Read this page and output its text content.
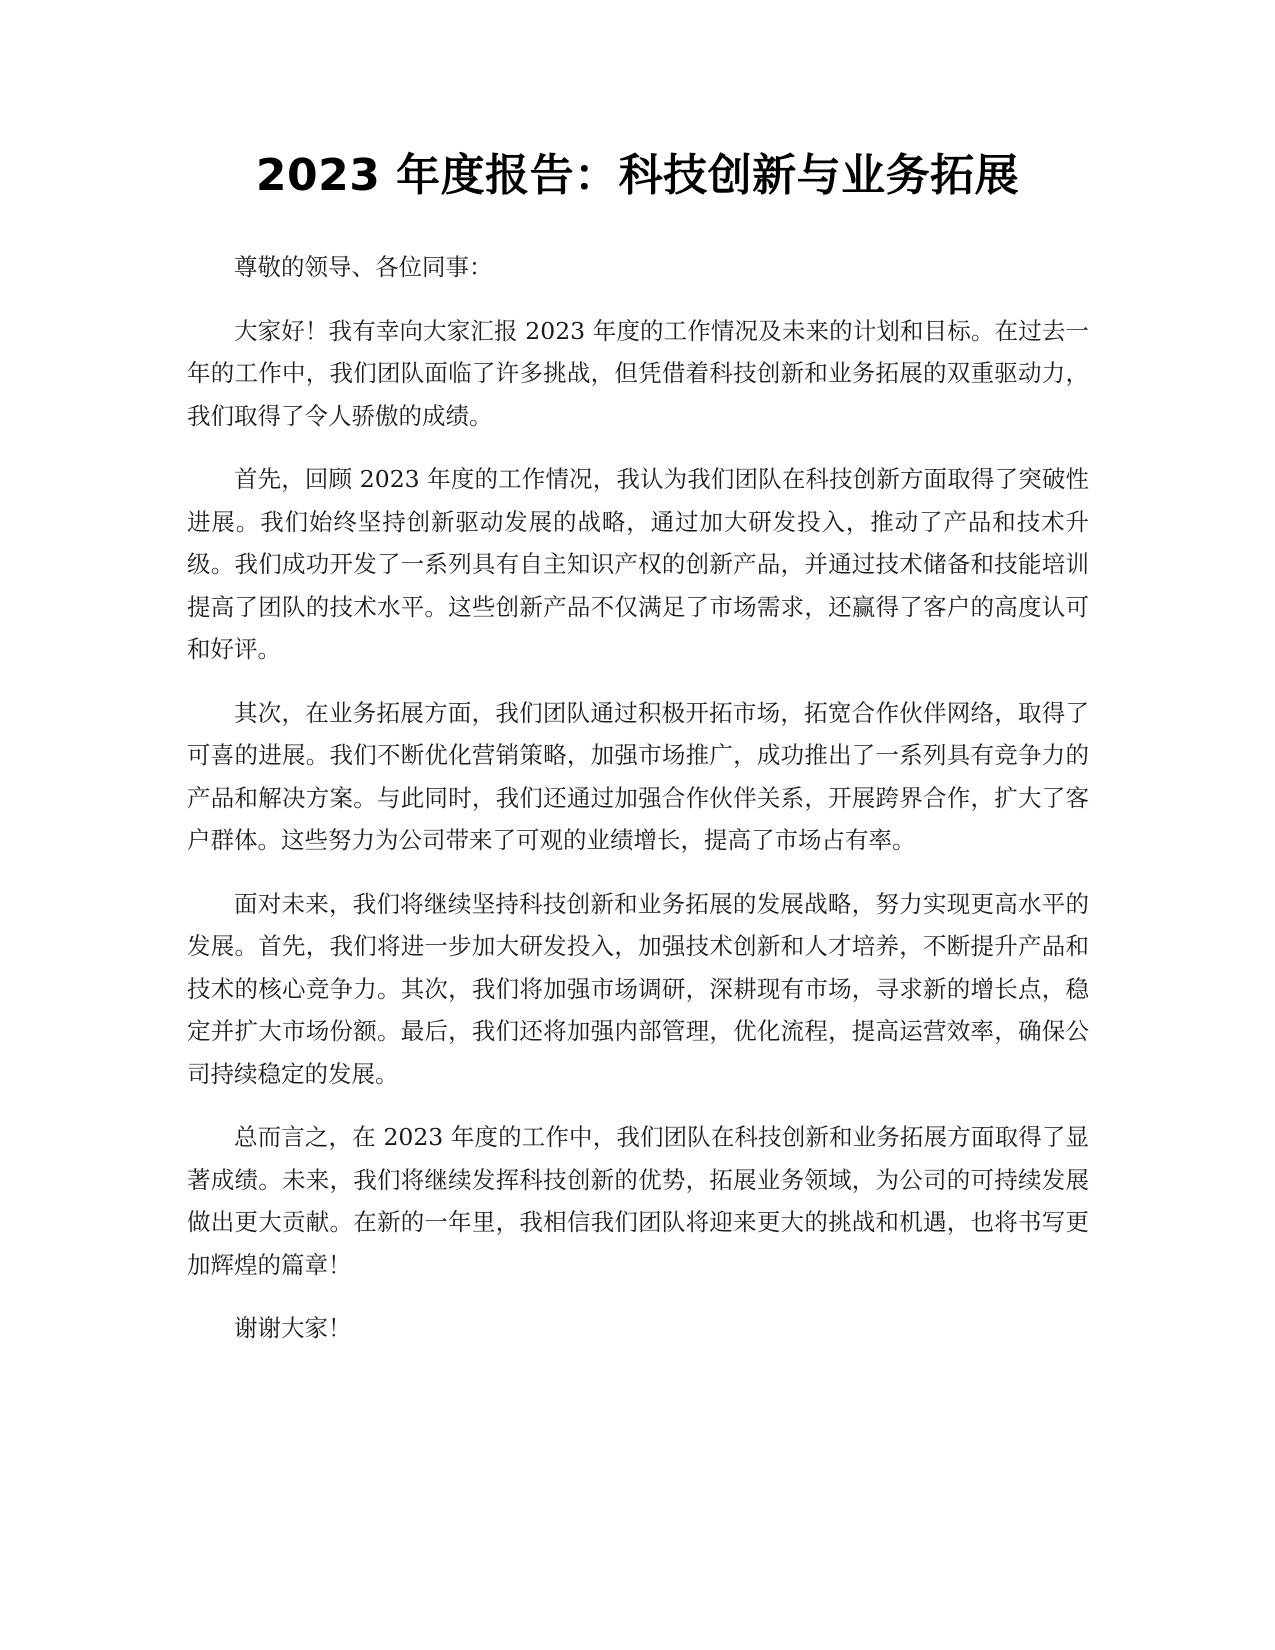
2023 年度报告：科技创新与业务拓展

尊敬的领导、各位同事：

大家好！我有幸向大家汇报 2023 年度的工作情况及未来的计划和目标。在过去一年的工作中，我们团队面临了许多挑战，但凭借着科技创新和业务拓展的双重驱动力，我们取得了令人骄傲的成绩。

首先，回顾 2023 年度的工作情况，我认为我们团队在科技创新方面取得了突破性进展。我们始终坚持创新驱动发展的战略，通过加大研发投入，推动了产品和技术升级。我们成功开发了一系列具有自主知识产权的创新产品，并通过技术储备和技能培训提高了团队的技术水平。这些创新产品不仅满足了市场需求，还赢得了客户的高度认可和好评。

其次，在业务拓展方面，我们团队通过积极开拓市场，拓宽合作伙伴网络，取得了可喜的进展。我们不断优化营销策略，加强市场推广，成功推出了一系列具有竞争力的产品和解决方案。与此同时，我们还通过加强合作伙伴关系，开展跨界合作，扩大了客户群体。这些努力为公司带来了可观的业绩增长，提高了市场占有率。

面对未来，我们将继续坚持科技创新和业务拓展的发展战略，努力实现更高水平的发展。首先，我们将进一步加大研发投入，加强技术创新和人才培养，不断提升产品和技术的核心竞争力。其次，我们将加强市场调研，深耕现有市场，寻求新的增长点，稳定并扩大市场份额。最后，我们还将加强内部管理，优化流程，提高运营效率，确保公司持续稳定的发展。

总而言之，在 2023 年度的工作中，我们团队在科技创新和业务拓展方面取得了显著成绩。未来，我们将继续发挥科技创新的优势，拓展业务领域，为公司的可持续发展做出更大贡献。在新的一年里，我相信我们团队将迎来更大的挑战和机遇，也将书写更加辉煌的篇章！

谢谢大家！
